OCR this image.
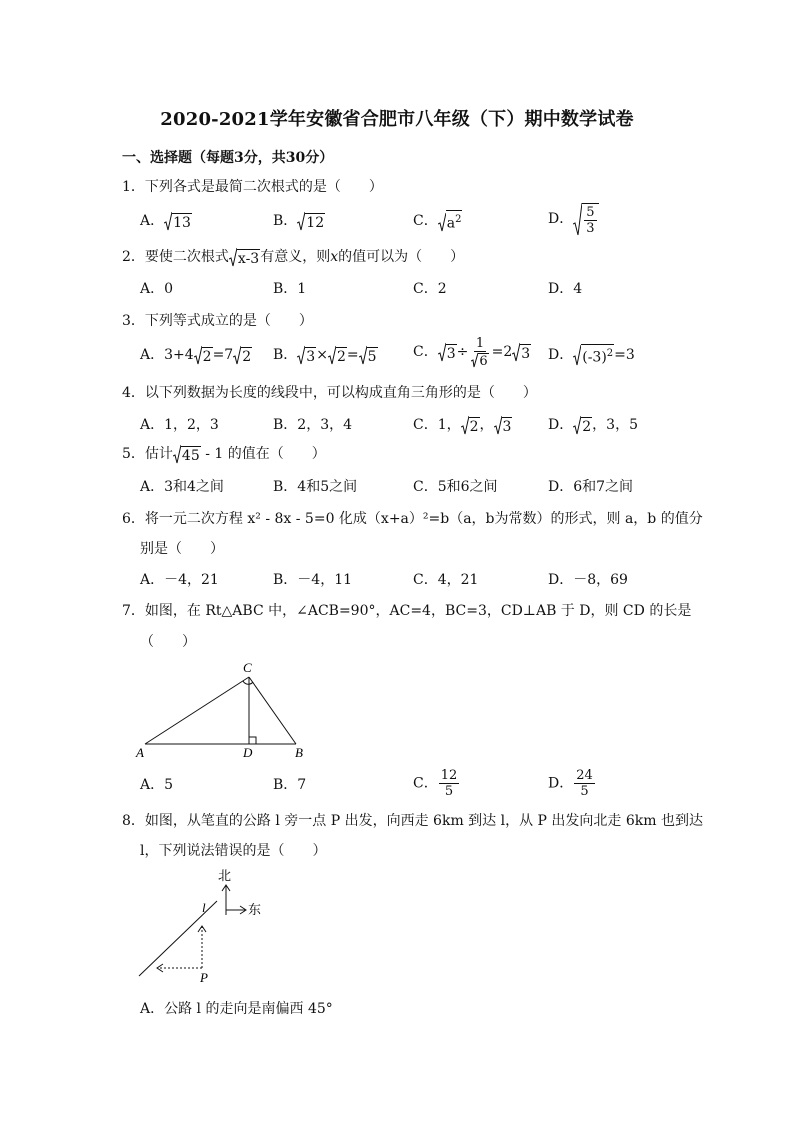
2020-2021学年安徽省合肥市八年级（下）期中数学试卷
一、选择题（每题3分，共30分）
1．下列各式是最简二次根式的是（　　）
A． 13	B． 12	C． $a^2$	D． $\frac{5}{3}$
2．要使二次根式 x-3 有意义，则x的值可以为（　　）
A．0	B．1	C．2	D．4
3．下列等式成立的是（　　）
A．3+4 2 =7 2 B． 3 × 2 = 5	C． $3 \div \frac{1}{6} =2$ 3 D． $(-3)^2 =3$
4．以下列数据为长度的线段中，可以构成直角三角形的是（　　）
A．1，2，3	B．2，3，4	C．1， 2 ， 3	D． 2 ，3，5
5．估计 45 - 1 的值在（　　）
A．3和4之间	B．4和5之间	C．5和6之间	D．6和7之间
6．将一元二次方程 x² - 8x - 5=0 化成（x+a）²=b（a，b为常数）的形式，则 a，b 的值分
别是（　　）
A．－4，21	B．－4，11	C．4，21	D．－8，69
7．如图，在 Rt△ABC 中，∠ACB=90°，AC=4，BC=3，CD⊥AB 于 D，则 CD 的长是
（　　）
C
A	D	B
A．5	B．7	C． $\frac{12}{5}$	D． $\frac{24}{5}$
8．如图，从笔直的公路 l 旁一点 P 出发，向西走 6km 到达 l，从 P 出发向北走 6km 也到达
l，下列说法错误的是（　　）
北
东
l
P
A．公路 l 的走向是南偏西 45°
